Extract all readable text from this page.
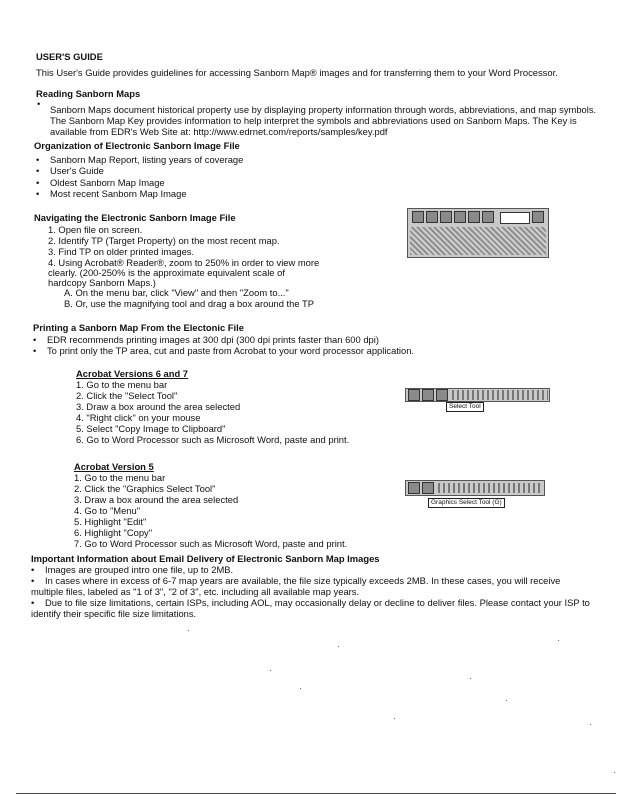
USER'S GUIDE
This User's Guide provides guidelines for accessing Sanborn Map® images and for transferring them to your Word Processor.
Reading Sanborn Maps
•
Sanborn Maps document historical property use by displaying property information through words, abbreviations, and map symbols. The Sanborn Map Key provides information to help interpret the symbols and abbreviations used on Sanborn Maps. The Key is available from EDR's Web Site at: http://www.edrnet.com/reports/samples/key.pdf
Organization of Electronic Sanborn Image File
• Sanborn Map Report, listing years of coverage
• User's Guide
• Oldest Sanborn Map Image
• Most recent Sanborn Map Image
Navigating the Electronic Sanborn Image File
1. Open file on screen.
2. Identify TP (Target Property) on the most recent map.
3. Find TP on older printed images.
4. Using Acrobat® Reader®, zoom to 250% in order to view more
clearly. (200-250% is the approximate equivalent scale of
hardcopy Sanborn Maps.)
A. On the menu bar, click "View" and then "Zoom to..."
B. Or, use the magnifying tool and drag a box around the TP
Printing a Sanborn Map From the Electonic File
• EDR recommends printing images at 300 dpi (300 dpi prints faster than 600 dpi)
• To print only the TP area, cut and paste from Acrobat to your word processor application.
Acrobat Versions 6 and 7
1. Go to the menu bar
2. Click the "Select Tool"
3. Draw a box around the area selected
4. "Right click" on your mouse
5. Select "Copy Image to Clipboard"
6. Go to Word Processor such as Microsoft Word, paste and print.
Select Tool
Acrobat Version 5
1. Go to the menu bar
2. Click the "Graphics Select Tool"
3. Draw a box around the area selected
4. Go to "Menu"
5. Highlight "Edit"
6. Highlight "Copy"
7. Go to Word Processor such as Microsoft Word, paste and print.
Graphics Select Tool (G)
Important Information about Email Delivery of Electronic Sanborn Map Images
• Images are grouped intro one file, up to 2MB.
• In cases where in excess of 6-7 map years are available, the file size typically exceeds 2MB. In these cases, you will receive multiple files, labeled as "1 of 3", "2 of 3", etc. including all available map years.
• Due to file size limitations, certain ISPs, including AOL, may occasionally delay or decline to deliver files. Please contact your ISP to identify their specific file size limitations.
